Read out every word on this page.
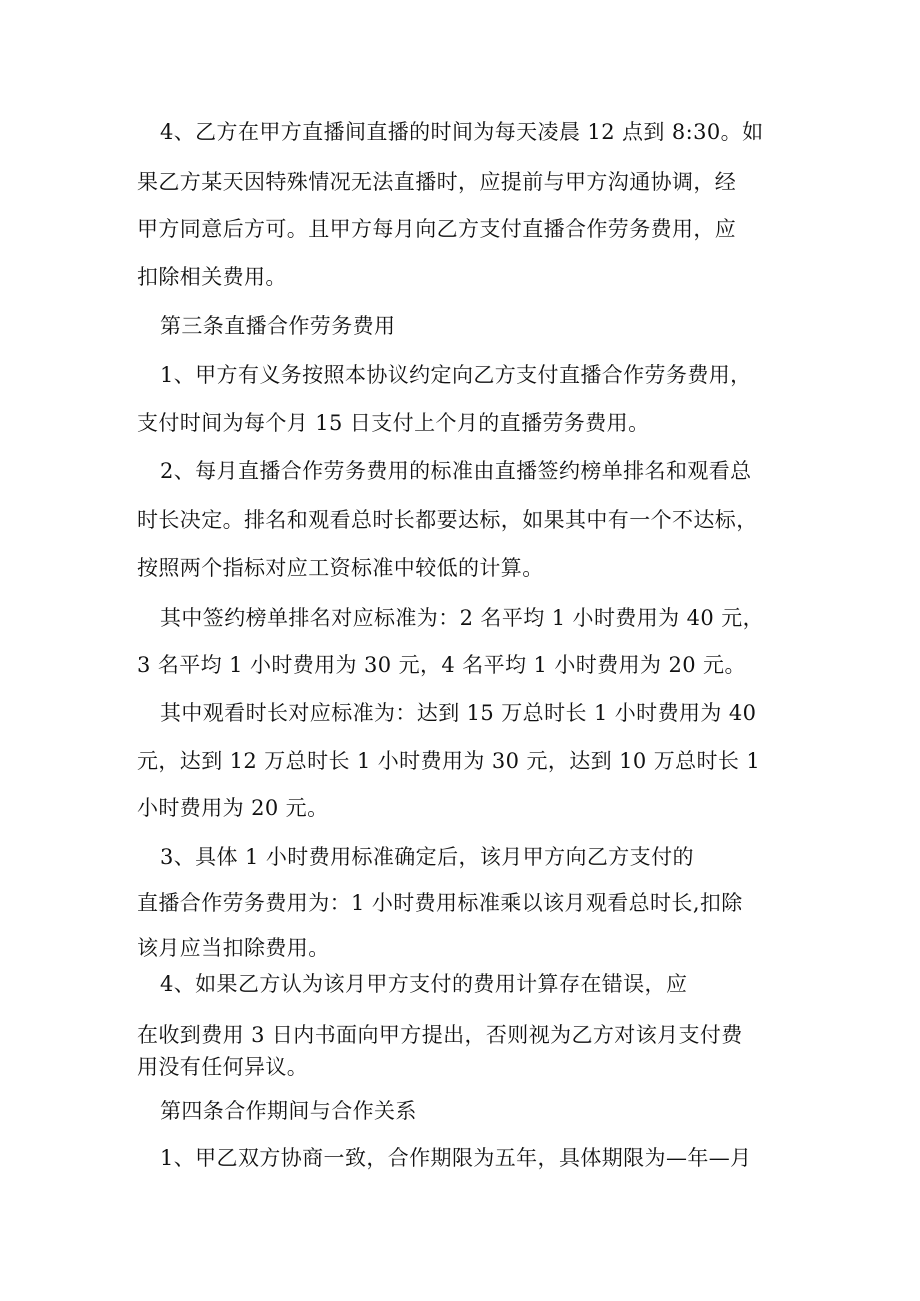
4、乙方在甲方直播间直播的时间为每天凌晨 12 点到 8:30。如
果乙方某天因特殊情况无法直播时，应提前与甲方沟通协调，经
甲方同意后方可。且甲方每月向乙方支付直播合作劳务费用，应
扣除相关费用。
第三条直播合作劳务费用
1、甲方有义务按照本协议约定向乙方支付直播合作劳务费用，
支付时间为每个月 15 日支付上个月的直播劳务费用。
2、每月直播合作劳务费用的标准由直播签约榜单排名和观看总
时长决定。排名和观看总时长都要达标，如果其中有一个不达标，
按照两个指标对应工资标准中较低的计算。
其中签约榜单排名对应标准为：2 名平均 1 小时费用为 40 元，
3 名平均 1 小时费用为 30 元，4 名平均 1 小时费用为 20 元。
其中观看时长对应标准为：达到 15 万总时长 1 小时费用为 40
元，达到 12 万总时长 1 小时费用为 30 元，达到 10 万总时长 1
小时费用为 20 元。
3、具体 1 小时费用标准确定后，该月甲方向乙方支付的
直播合作劳务费用为：1 小时费用标准乘以该月观看总时长,扣除
该月应当扣除费用。
4、如果乙方认为该月甲方支付的费用计算存在错误，应
在收到费用 3 日内书面向甲方提出，否则视为乙方对该月支付费
用没有任何异议。
第四条合作期间与合作关系
1、甲乙双方协商一致，合作期限为五年，具体期限为—年—月
